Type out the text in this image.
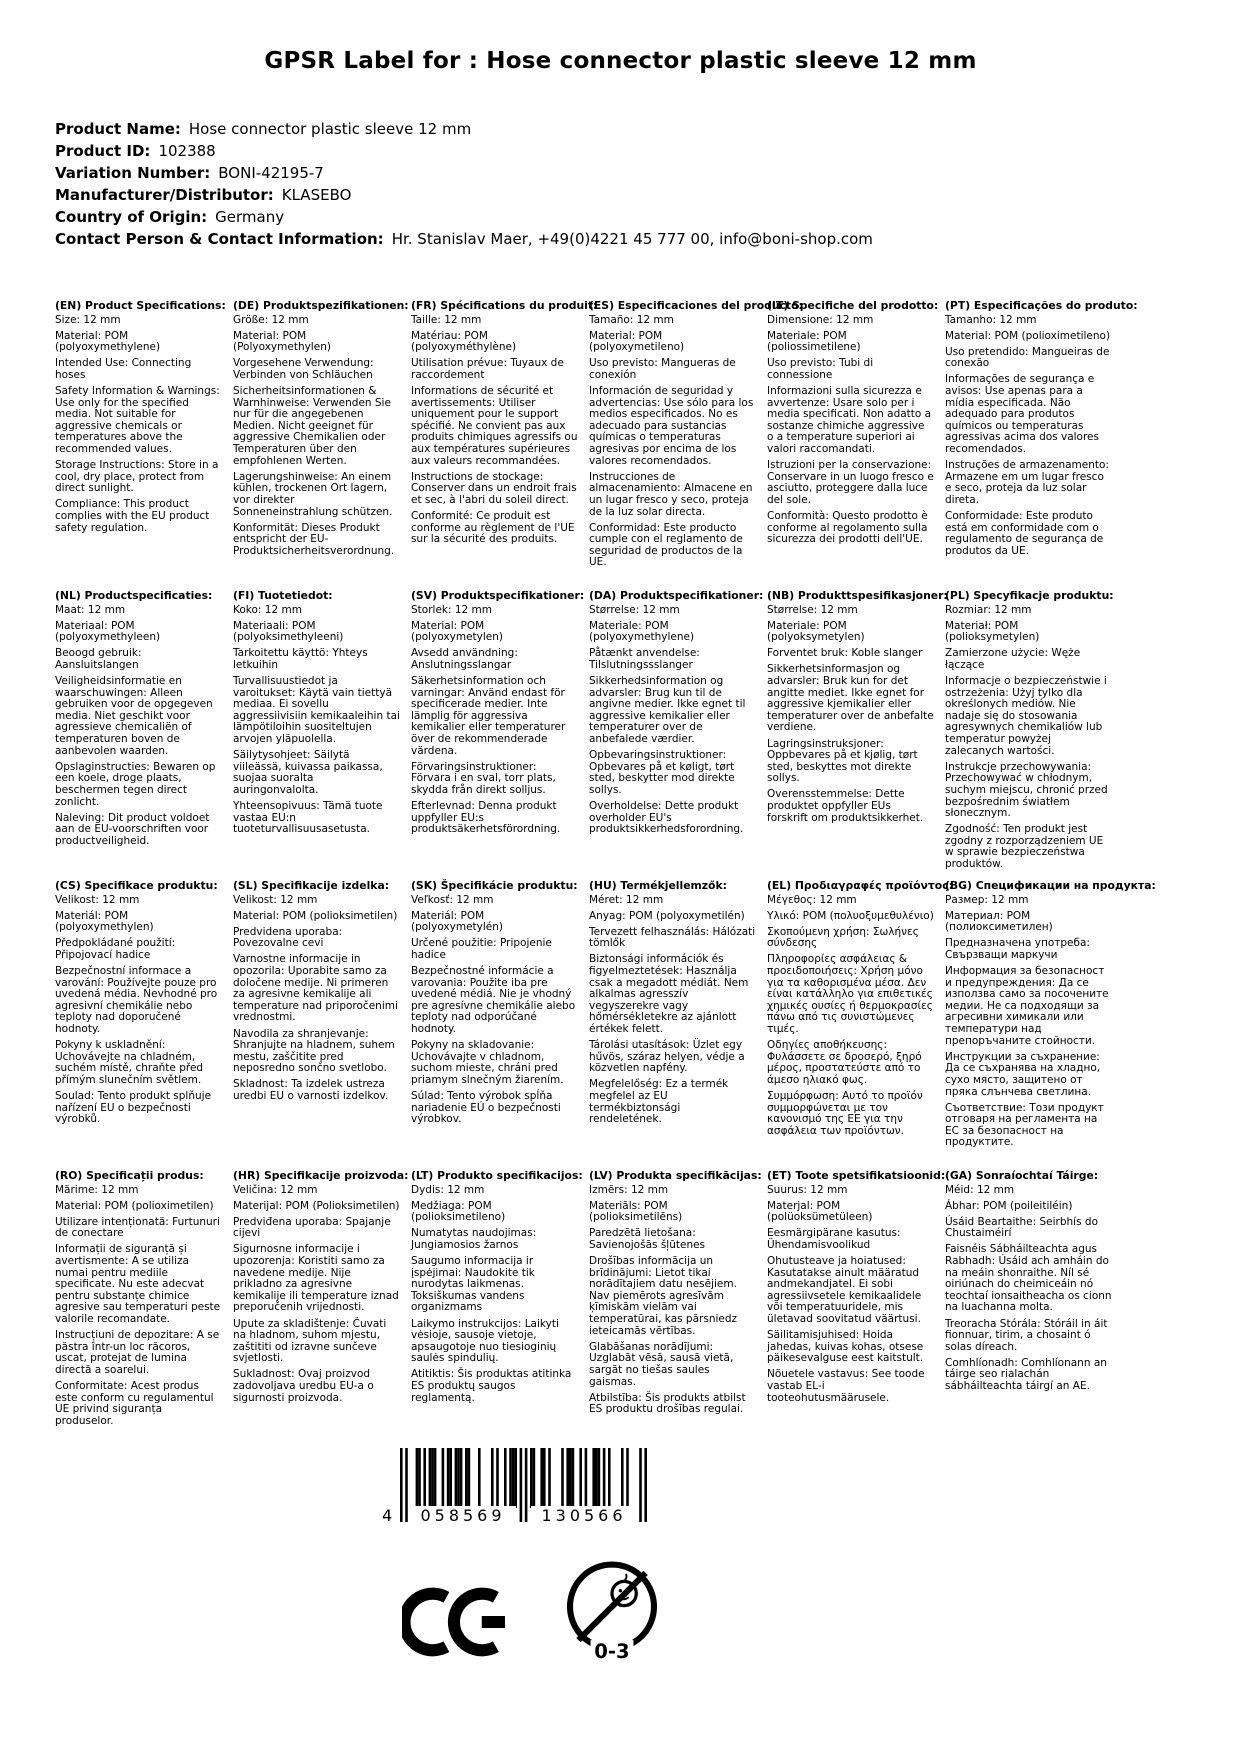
GPSR Label for : Hose connector plastic sleeve 12 mm
Product Name: Hose connector plastic sleeve 12 mm
Product ID: 102388
Variation Number: BONI-42195-7
Manufacturer/Distributor: KLASEBO
Country of Origin: Germany
Contact Person & Contact Information: Hr. Stanislav Maer, +49(0)4221 45 777 00, info@boni-shop.com
(EN) Product Specifications:

Size: 12 mm

Material: POM (polyoxymethylene)

Intended Use: Connecting hoses

Safety Information & Warnings: Use only for the specified media. Not suitable for aggressive chemicals or temperatures above the recommended values.

Storage Instructions: Store in a cool, dry place, protect from direct sunlight.

Compliance: This product complies with the EU product safety regulation.

(DE) Produktspezifikationen:

Größe: 12 mm

Material: POM (Polyoxymethylen)

Vorgesehene Verwendung: Verbinden von Schläuchen

Sicherheitsinformationen & Warnhinweise: Verwenden Sie nur für die angegebenen Medien. Nicht geeignet für aggressive Chemikalien oder Temperaturen über den empfohlenen Werten.

Lagerungshinweise: An einem kühlen, trockenen Ort lagern, vor direkter Sonneneinstrahlung schützen.

Konformität: Dieses Produkt entspricht der EU-Produktsicherheitsverordnung.

(FR) Spécifications du produit:

Taille: 12 mm

Matériau: POM (polyoxyméthylène)

Utilisation prévue: Tuyaux de raccordement

Informations de sécurité et avertissements: Utiliser uniquement pour le support spécifié. Ne convient pas aux produits chimiques agressifs ou aux températures supérieures aux valeurs recommandées.

Instructions de stockage: Conserver dans un endroit frais et sec, à l'abri du soleil direct.

Conformité: Ce produit est conforme au règlement de l'UE sur la sécurité des produits.

(ES) Especificaciones del producto:

Tamaño: 12 mm

Material: POM (polyoxymetileno)

Uso previsto: Mangueras de conexión

Información de seguridad y advertencias: Use sólo para los medios especificados. No es adecuado para sustancias químicas o temperaturas agresivas por encima de los valores recomendados.

Instrucciones de almacenamiento: Almacene en un lugar fresco y seco, proteja de la luz solar directa.

Conformidad: Este producto cumple con el reglamento de seguridad de productos de la UE.

(IT) Specifiche del prodotto:

Dimensione: 12 mm

Materiale: POM (poliossimetilene)

Uso previsto: Tubi di connessione

Informazioni sulla sicurezza e avvertenze: Usare solo per i media specificati. Non adatto a sostanze chimiche aggressive o a temperature superiori ai valori raccomandati.

Istruzioni per la conservazione: Conservare in un luogo fresco e asciutto, proteggere dalla luce del sole.

Conformità: Questo prodotto è conforme al regolamento sulla sicurezza dei prodotti dell'UE.

(PT) Especificações do produto:

Tamanho: 12 mm

Material: POM (polioximetileno)

Uso pretendido: Mangueiras de conexão

Informações de segurança e avisos: Use apenas para a mídia especificada. Não adequado para produtos químicos ou temperaturas agressivas acima dos valores recomendados.

Instruções de armazenamento: Armazene em um lugar fresco e seco, proteja da luz solar direta.

Conformidade: Este produto está em conformidade com o regulamento de segurança de produtos da UE.

(NL) Productspecificaties:

Maat: 12 mm

Materiaal: POM (polyoxymethyleen)

Beoogd gebruik: Aansluitslangen

Veiligheidsinformatie en waarschuwingen: Alleen gebruiken voor de opgegeven media. Niet geschikt voor agressieve chemicaliën of temperaturen boven de aanbevolen waarden.

Opslaginstructies: Bewaren op een koele, droge plaats, beschermen tegen direct zonlicht.

Naleving: Dit product voldoet aan de EU-voorschriften voor productveiligheid.

(FI) Tuotetiedot:

Koko: 12 mm

Materiaali: POM (polyoksimethyleeni)

Tarkoitettu käyttö: Yhteys letkuihin

Turvallisuustiedot ja varoitukset: Käytä vain tiettyä mediaa. Ei sovellu aggressiivisiin kemikaaleihin tai lämpötiloihin suositeltujen arvojen yläpuolella.

Säilytysohjeet: Säilytä viileässä, kuivassa paikassa, suojaa suoralta auringonvalolta.

Yhteensopivuus: Tämä tuote vastaa EU:n tuoteturvallisuusasetusta.

(SV) Produktspecifikationer:

Storlek: 12 mm

Material: POM (polyoxymetylen)

Avsedd användning: Anslutningsslangar

Säkerhetsinformation och varningar: Använd endast för specificerade medier. Inte lämplig för aggressiva kemikalier eller temperaturer över de rekommenderade värdena.

Förvaringsinstruktioner: Förvara i en sval, torr plats, skydda från direkt solljus.

Efterlevnad: Denna produkt uppfyller EU:s produktsäkerhetsförordning.

(DA) Produktspecifikationer:

Størrelse: 12 mm

Materiale: POM (polyoxymethylene)

Påtænkt anvendelse: Tilslutningssslanger

Sikkerhedsinformation og advarsler: Brug kun til de angivne medier. Ikke egnet til aggressive kemikalier eller temperaturer over de anbefalede værdier.

Opbevaringsinstruktioner: Opbevares på et køligt, tørt sted, beskytter mod direkte sollys.

Overholdelse: Dette produkt overholder EU's produktsikkerhedsforordning.

(NB) Produkttspesifikasjoner:

Størrelse: 12 mm

Materiale: POM (polyoksymetylen)

Forventet bruk: Koble slanger

Sikkerhetsinformasjon og advarsler: Bruk kun for det angitte mediet. Ikke egnet for aggressive kjemikalier eller temperaturer over de anbefalte verdiene.

Lagringsinstruksjoner: Oppbevares på et kjølig, tørt sted, beskyttes mot direkte sollys.

Overensstemmelse: Dette produktet oppfyller EUs forskrift om produktsikkerhet.

(PL) Specyfikacje produktu:

Rozmiar: 12 mm

Materiał: POM (polioksymetylen)

Zamierzone użycie: Węże łączące

Informacje o bezpieczeństwie i ostrzeżenia: Użyj tylko dla określonych mediów. Nie nadaje się do stosowania agresywnych chemikaliów lub temperatur powyżej zalecanych wartości.

Instrukcje przechowywania: Przechowywać w chłodnym, suchym miejscu, chronić przed bezpośrednim światłem słonecznym.

Zgodność: Ten produkt jest zgodny z rozporządzeniem UE w sprawie bezpieczeństwa produktów.

(CS) Specifikace produktu:

Velikost: 12 mm

Materiál: POM (polyoxymethylen)

Předpokládané použití: Připojovací hadice

Bezpečnostní informace a varování: Používejte pouze pro uvedená média. Nevhodné pro agresivní chemikálie nebo teploty nad doporučené hodnoty.

Pokyny k uskladnění: Uchovávejte na chladném, suchém místě, chraňte před přímým slunečním světlem.

Soulad: Tento produkt splňuje nařízení EU o bezpečnosti výrobků.

(SL) Specifikacije izdelka:

Velikost: 12 mm

Material: POM (polioksimetilen)

Predvidena uporaba: Povezovalne cevi

Varnostne informacije in opozorila: Uporabite samo za določene medije. Ni primeren za agresivne kemikalije ali temperature nad priporočenimi vrednostmi.

Navodila za shranjevanje: Shranjujte na hladnem, suhem mestu, zaščitite pred neposredno sončno svetlobo.

Skladnost: Ta izdelek ustreza uredbi EU o varnosti izdelkov.

(SK) Špecifikácie produktu:

Veľkosť: 12 mm

Materiál: POM (polyoxymetylén)

Určené použitie: Pripojenie hadice

Bezpečnostné informácie a varovania: Použite iba pre uvedené médiá. Nie je vhodný pre agresívne chemikálie alebo teploty nad odporúčané hodnoty.

Pokyny na skladovanie: Uchovávajte v chladnom, suchom mieste, chráni pred priamym slnečným žiarením.

Súlad: Tento výrobok spĺňa nariadenie EÚ o bezpečnosti výrobkov.

(HU) Termékjellemzők:

Méret: 12 mm

Anyag: POM (polyoxymetilén)

Tervezett felhasználás: Hálózati tömlők

Biztonsági információk és figyelmeztetések: Használja csak a megadott médiát. Nem alkalmas agresszív vegyszerekre vagy hőmérsékletekre az ajánlott értékek felett.

Tárolási utasítások: Üzlet egy hűvös, száraz helyen, védje a közvetlen napfény.

Megfelelőség: Ez a termék megfelel az EU termékbiztonsági rendeletének.

(EL) Προδιαγραφές προϊόντος:

Μέγεθος: 12 mm

Υλικό: POM (πολυοξυμεθυλένιο)

Σκοπούμενη χρήση: Σωλήνες σύνδεσης

Πληροφορίες ασφάλειας & προειδοποιήσεις: Χρήση μόνο για τα καθορισμένα μέσα. Δεν είναι κατάλληλο για επιθετικές χημικές ουσίες ή θερμοκρασίες πάνω από τις συνιστώμενες τιμές.

Οδηγίες αποθήκευσης: Φυλάσσετε σε δροσερό, ξηρό μέρος, προστατεύστε από το άμεσο ηλιακό φως.

Συμμόρφωση: Αυτό το προϊόν συμμορφώνεται με τον κανονισμό της ΕΕ για την ασφάλεια των προϊόντων.

(BG) Спецификации на продукта:

Размер: 12 mm

Материал: POM (полиоксиметилен)

Предназначена употреба: Свързващи маркучи

Информация за безопасност и предупреждения: Да се използва само за посочените медии. Не са подходящи за агресивни химикали или температури над препоръчаните стойности.

Инструкции за съхранение: Да се съхранява на хладно, сухо място, защитено от пряка слънчева светлина.

Съответствие: Този продукт отговаря на регламента на ЕС за безопасност на продуктите.

(RO) Specificații produs:

Mărime: 12 mm

Material: POM (polioximetilen)

Utilizare intenționată: Furtunuri de conectare

Informații de siguranță și avertismente: A se utiliza numai pentru mediile specificate. Nu este adecvat pentru substanțe chimice agresive sau temperaturi peste valorile recomandate.

Instrucțiuni de depozitare: A se păstra într-un loc răcoros, uscat, protejat de lumina directă a soarelui.

Conformitate: Acest produs este conform cu regulamentul UE privind siguranța produselor.

(HR) Specifikacije proizvoda:

Veličina: 12 mm

Materijal: POM (Polioksimetilen)

Predviđena uporaba: Spajanje cijevi

Sigurnosne informacije i upozorenja: Koristiti samo za navedene medije. Nije prikladno za agresivne kemikalije ili temperature iznad preporučenih vrijednosti.

Upute za skladištenje: Čuvati na hladnom, suhom mjestu, zaštititi od izravne sunčeve svjetlosti.

Sukladnost: Ovaj proizvod zadovoljava uredbu EU-a o sigurnosti proizvoda.

(LT) Produkto specifikacijos:

Dydis: 12 mm

Medžiaga: POM (polioksimetileno)

Numatytas naudojimas: Jungiamosios žarnos

Saugumo informacija ir įspėjimai: Naudokite tik nurodytas laikmenas. Toksiškumas vandens organizmams

Laikymo instrukcijos: Laikyti vėsioje, sausoje vietoje, apsaugotoje nuo tiesioginių saulės spindulių.

Atitiktis: Šis produktas atitinka ES produktų saugos reglamentą.

(LV) Produkta specifikācijas:

Izmērs: 12 mm

Materiāls: POM (polioksimetilēns)

Paredzētā lietošana: Savienojošās šļūtenes

Drošības informācija un brīdinājumi: Lietot tikai norādītajiem datu nesējiem. Nav piemērots agresīvām ķīmiskām vielām vai temperatūrai, kas pārsniedz ieteicamās vērtības.

Glabāšanas norādījumi: Uzglabāt vēsā, sausā vietā, sargāt no tiešas saules gaismas.

Atbilstība: Šis produkts atbilst ES produktu drošības regulai.

(ET) Toote spetsifikatsioonid:

Suurus: 12 mm

Materjal: POM (polüoksümetüleen)

Eesmärgipärane kasutus: Ühendamisvoolikud

Ohutusteave ja hoiatused: Kasutatakse ainult määratud andmekandjatel. Ei sobi agressiivsetele kemikaalidele või temperatuuridele, mis ületavad soovitatud väärtusi.

Säilitamisjuhised: Hoida jahedas, kuivas kohas, otsese päikesevalguse eest kaitstult.

Nõuetele vastavus: See toode vastab EL-i tooteohutusmäärusele.

(GA) Sonraíochtaí Táirge:

Méid: 12 mm

Ábhar: POM (poileitiléin)

Úsáid Beartaithe: Seirbhís do Chustaiméirí

Faisnéis Sábháilteachta agus Rabhadh: Úsáid ach amháin do na meáin shonraithe. Níl sé oiriúnach do cheimiceáin nó teochtaí ionsaitheacha os cionn na luachanna molta.

Treoracha Stórála: Stóráil in áit fionnuar, tirim, a chosaint ó solas díreach.

Comhlíonadh: Comhlíonann an táirge seo rialachán sábháilteachta táirgí an AE.

4	058569	130566
0-3
